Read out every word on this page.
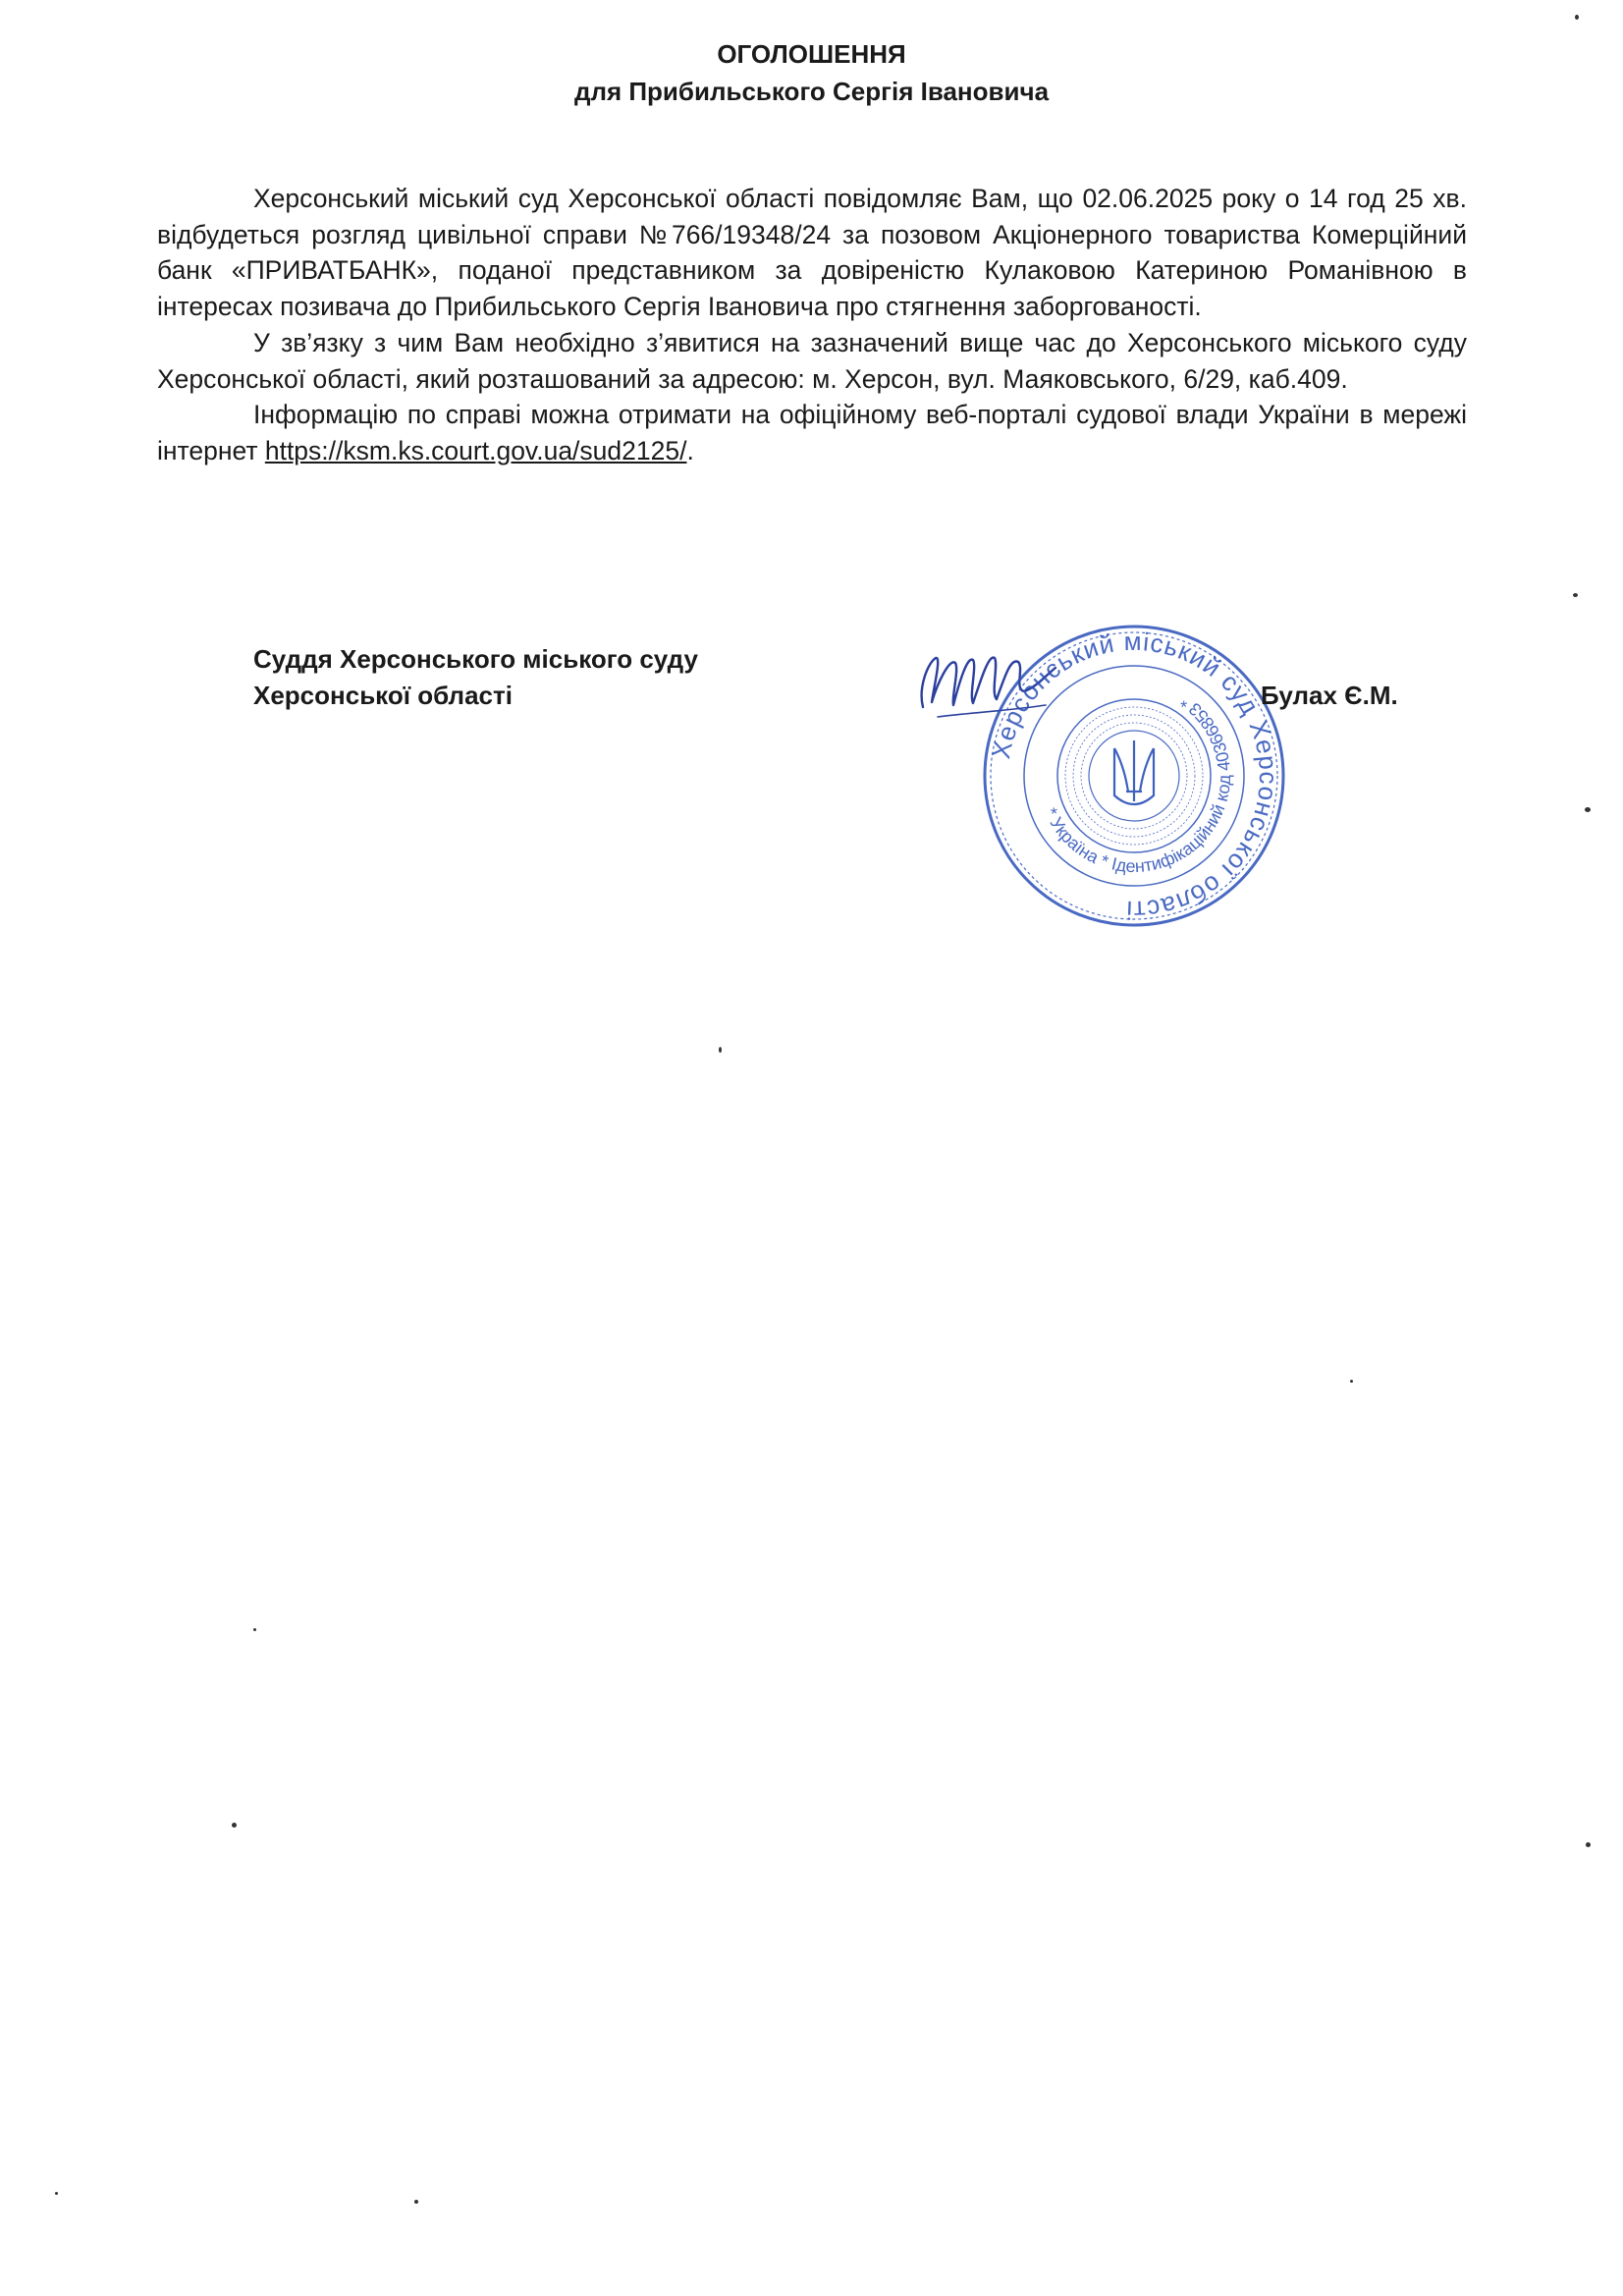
ОГОЛОШЕННЯ
для Прибильського Сергія Івановича

Херсонський міський суд Херсонської області повідомляє Вам, що 02.06.2025 року о 14 год 25 хв. відбудеться розгляд цивільної справи №766/19348/24 за позовом Акціонерного товариства Комерційний банк «ПРИВАТБАНК», поданої представником за довіреністю Кулаковою Катериною Романівною в інтересах позивача до Прибильського Сергія Івановича про стягнення заборгованості.

У зв’язку з чим Вам необхідно з’явитися на зазначений вище час до Херсонського міського суду Херсонської області, який розташований за адресою: м. Херсон, вул. Маяковського, 6/29, каб.409.

Інформацію по справі можна отримати на офіційному веб-порталі судової влади України в мережі інтернет https://ksm.ks.court.gov.ua/sud2125/.

Суддя Херсонського міського суду
Херсонської області
Херсонський міський суд Херсонської області
* Україна * Ідентифікаційний код 40366853 *	Булах Є.М.
